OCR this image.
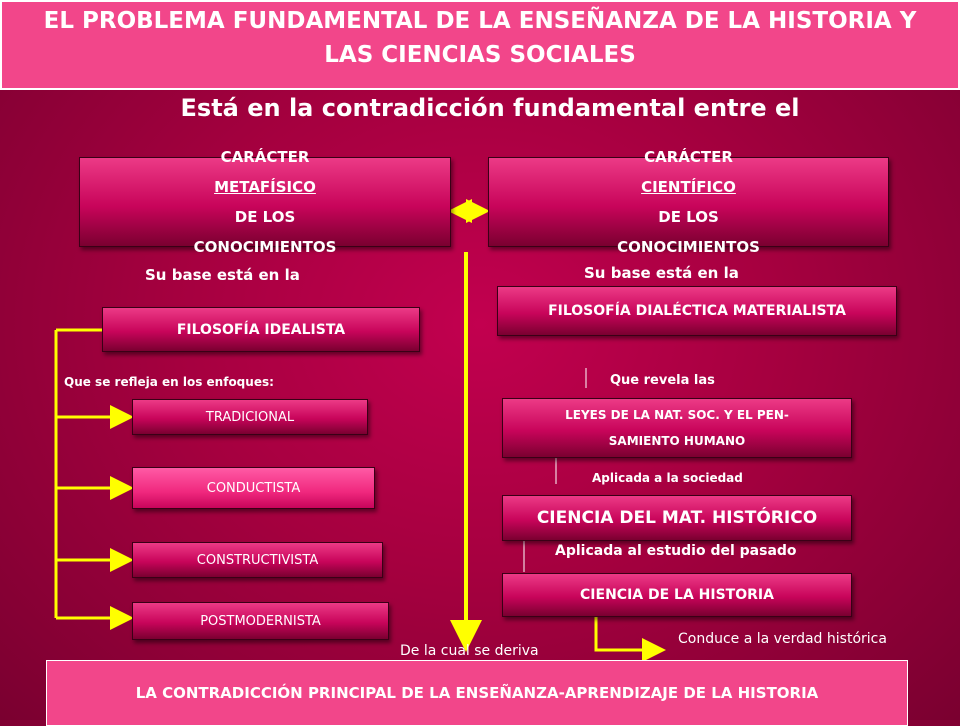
EL PROBLEMA FUNDAMENTAL DE LA ENSEÑANZA DE LA HISTORIA Y LAS CIENCIAS SOCIALES
Está en la contradicción fundamental entre el
CARÁCTER
METAFÍSICO
DE LOS
CONOCIMIENTOS
CARÁCTER
CIENTÍFICO
DE LOS
CONOCIMIENTOS
Su base está en la	Su base está en la
FILOSOFÍA IDEALISTA
FILOSOFÍA DIALÉCTICA MATERIALISTA
Que se refleja en los enfoques:
TRADICIONAL
CONDUCTISTA
CONSTRUCTIVISTA
POSTMODERNISTA
Que revela las
LEYES DE LA NAT. SOC. Y EL PEN-
SAMIENTO HUMANO
Aplicada a la sociedad
CIENCIA DEL MAT. HISTÓRICO
Aplicada al estudio del pasado
CIENCIA DE LA HISTORIA
Conduce a la verdad histórica
De la cual se deriva
LA CONTRADICCIÓN PRINCIPAL DE LA ENSEÑANZA-APRENDIZAJE DE LA HISTORIA
